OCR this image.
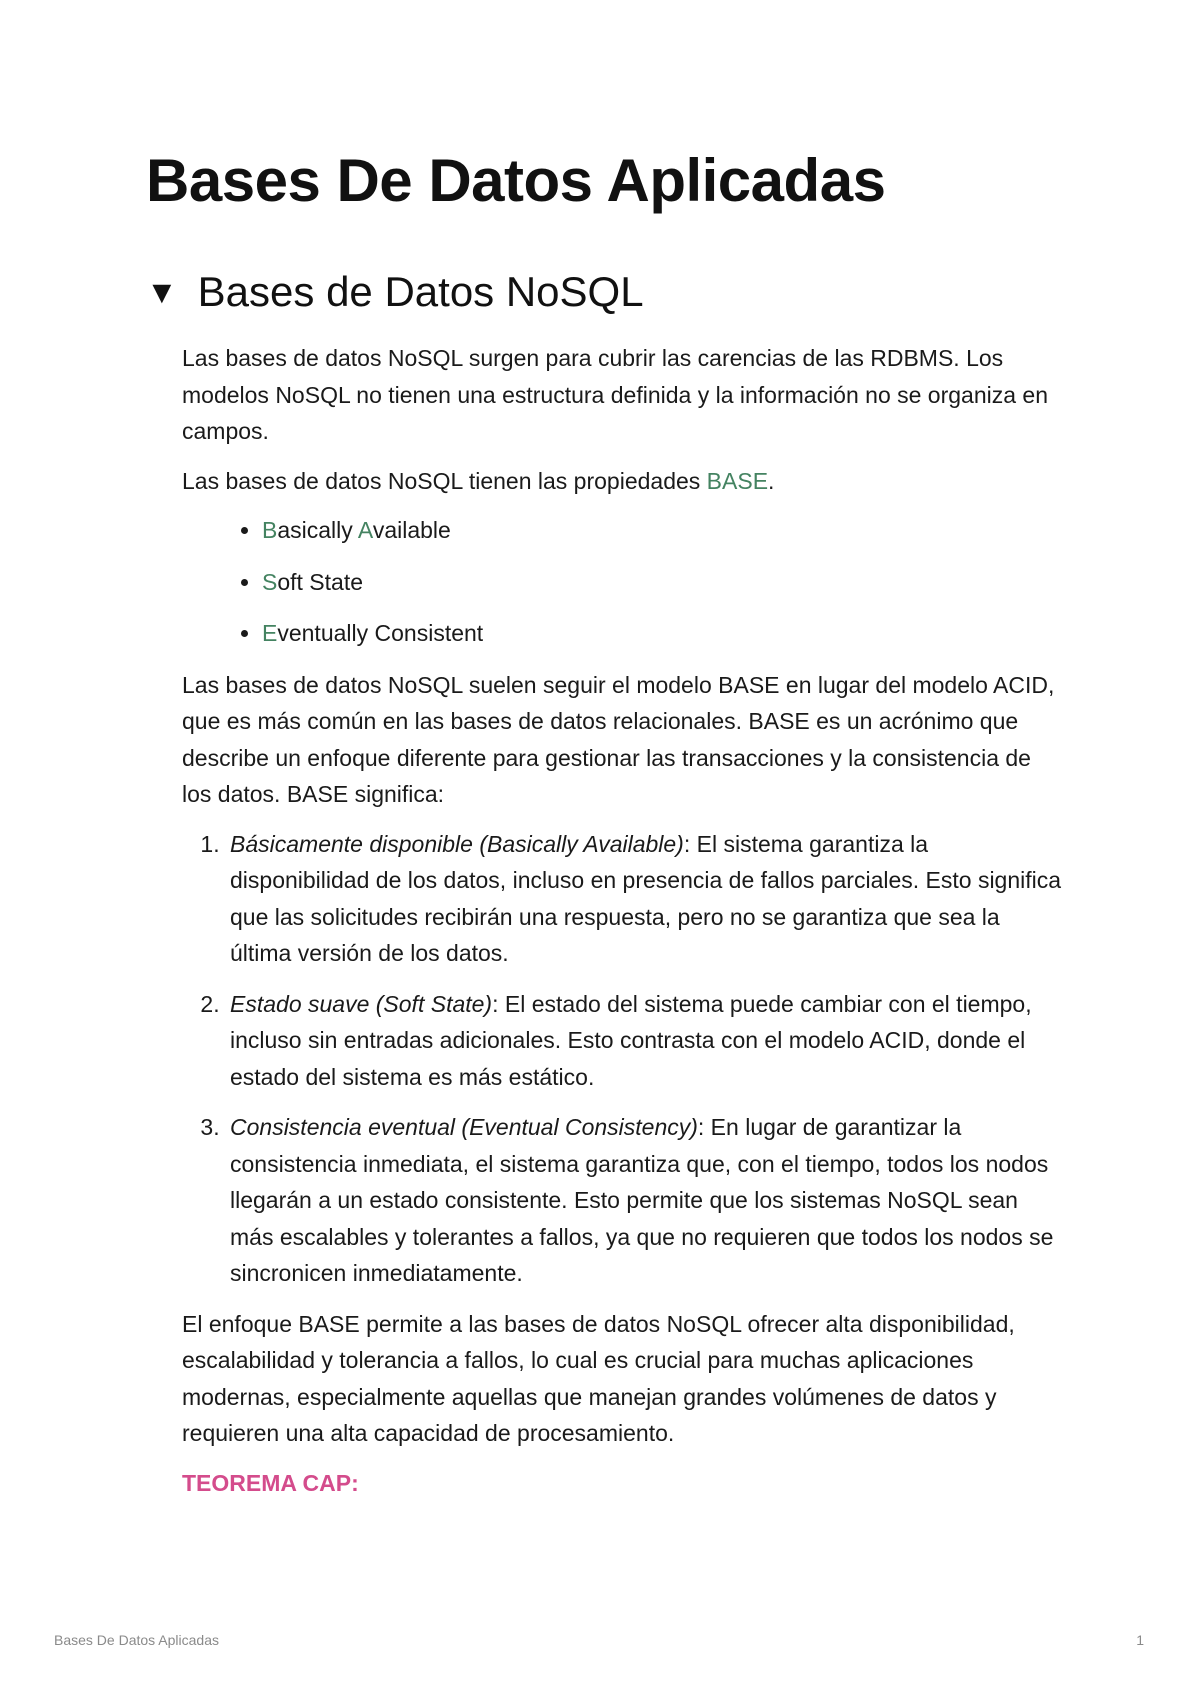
Bases De Datos Aplicadas
▼ Bases de Datos NoSQL

Las bases de datos NoSQL surgen para cubrir las carencias de las RDBMS. Los modelos NoSQL no tienen una estructura definida y la información no se organiza en campos.

Las bases de datos NoSQL tienen las propiedades BASE.

• Basically Available
• Soft State
• Eventually Consistent

Las bases de datos NoSQL suelen seguir el modelo BASE en lugar del modelo ACID, que es más común en las bases de datos relacionales. BASE es un acrónimo que describe un enfoque diferente para gestionar las transacciones y la consistencia de los datos. BASE significa:

1. Básicamente disponible (Basically Available): El sistema garantiza la disponibilidad de los datos, incluso en presencia de fallos parciales. Esto significa que las solicitudes recibirán una respuesta, pero no se garantiza que sea la última versión de los datos.
2. Estado suave (Soft State): El estado del sistema puede cambiar con el tiempo, incluso sin entradas adicionales. Esto contrasta con el modelo ACID, donde el estado del sistema es más estático.
3. Consistencia eventual (Eventual Consistency): En lugar de garantizar la consistencia inmediata, el sistema garantiza que, con el tiempo, todos los nodos llegarán a un estado consistente. Esto permite que los sistemas NoSQL sean más escalables y tolerantes a fallos, ya que no requieren que todos los nodos se sincronicen inmediatamente.

El enfoque BASE permite a las bases de datos NoSQL ofrecer alta disponibilidad, escalabilidad y tolerancia a fallos, lo cual es crucial para muchas aplicaciones modernas, especialmente aquellas que manejan grandes volúmenes de datos y requieren una alta capacidad de procesamiento.

TEOREMA CAP:

Bases De Datos Aplicadas	1
